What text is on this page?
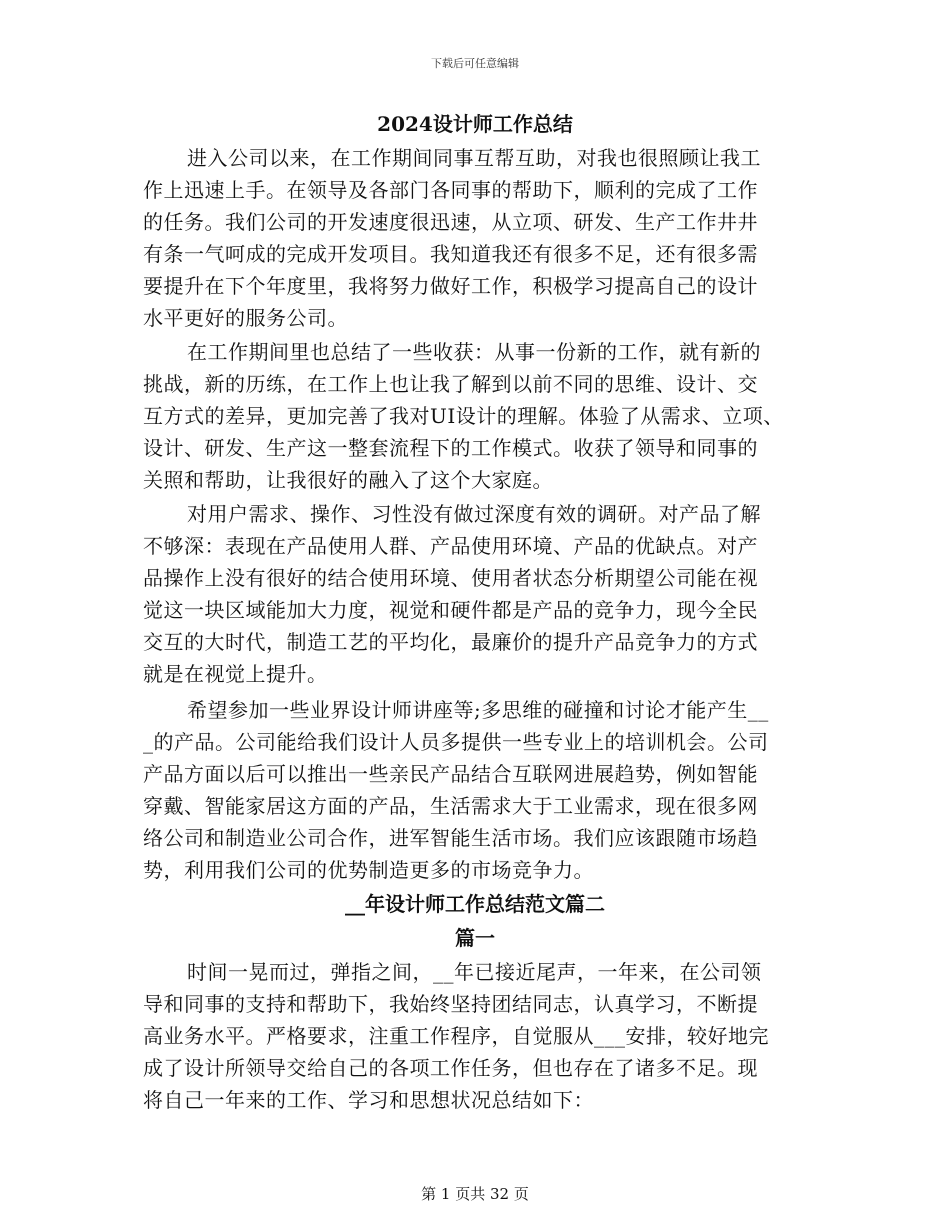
下载后可任意编辑
2024设计师工作总结
进入公司以来，在工作期间同事互帮互助，对我也很照顾让我工
作上迅速上手。在领导及各部门各同事的帮助下，顺利的完成了工作
的任务。我们公司的开发速度很迅速，从立项、研发、生产工作井井
有条一气呵成的完成开发项目。我知道我还有很多不足，还有很多需
要提升在下个年度里，我将努力做好工作，积极学习提高自己的设计
水平更好的服务公司。
在工作期间里也总结了一些收获：从事一份新的工作，就有新的
挑战，新的历练，在工作上也让我了解到以前不同的思维、设计、交
互方式的差异，更加完善了我对UI设计的理解。体验了从需求、立项、
设计、研发、生产这一整套流程下的工作模式。收获了领导和同事的
关照和帮助，让我很好的融入了这个大家庭。
对用户需求、操作、习性没有做过深度有效的调研。对产品了解
不够深：表现在产品使用人群、产品使用环境、产品的优缺点。对产
品操作上没有很好的结合使用环境、使用者状态分析期望公司能在视
觉这一块区域能加大力度，视觉和硬件都是产品的竞争力，现今全民
交互的大时代，制造工艺的平均化，最廉价的提升产品竞争力的方式
就是在视觉上提升。
希望参加一些业界设计师讲座等;多思维的碰撞和讨论才能产生__
_的产品。公司能给我们设计人员多提供一些专业上的培训机会。公司
产品方面以后可以推出一些亲民产品结合互联网进展趋势，例如智能
穿戴、智能家居这方面的产品，生活需求大于工业需求，现在很多网
络公司和制造业公司合作，进军智能生活市场。我们应该跟随市场趋
势，利用我们公司的优势制造更多的市场竞争力。
__年设计师工作总结范文篇二
篇一
时间一晃而过，弹指之间，__年已接近尾声，一年来，在公司领
导和同事的支持和帮助下，我始终坚持团结同志，认真学习，不断提
高业务水平。严格要求，注重工作程序，自觉服从___安排，较好地完
成了设计所领导交给自己的各项工作任务，但也存在了诸多不足。现
将自己一年来的工作、学习和思想状况总结如下：
第 1 页共 32 页
